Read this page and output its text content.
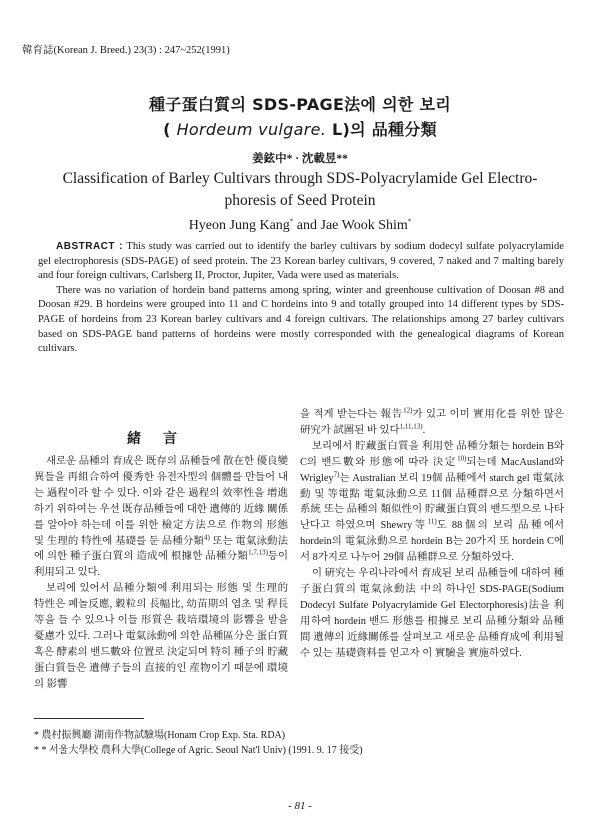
韓育誌(Korean J. Breed.) 23(3) : 247~252(1991)
種子蛋白質의 SDS-PAGE法에 의한 보리
( Hordeum vulgare. L)의 品種分類
姜鉉中* · 沈載昱**
Classification of Barley Cultivars through SDS-Polyacrylamide Gel Electro-
phoresis of Seed Protein
Hyeon Jung Kang* and Jae Wook Shim*

ABSTRACT : This study was carried out to identify the barley cultivars by sodium dodecyl sulfate polyacrylamide gel electrophoresis (SDS-PAGE) of seed protein. The 23 Korean barley cultivars, 9 covered, 7 naked and 7 malting barely and four foreign cultivars, Carlsberg II, Proctor, Jupiter, Vada were used as materials.

There was no variation of hordein band patterns among spring, winter and greenhouse cultivation of Doosan #8 and Doosan #29. B hordeins were grouped into 11 and C hordeins into 9 and totally grouped into 14 different types by SDS-PAGE of hordeins from 23 Korean barley cultivars and 4 foreign cultivars. The relationships among 27 barley cultivars based on SDS-PAGE band patterns of hordeins were mostly corresponded with the genealogical diagrams of Korean cultivars.

緒言

새로운 品種의 育成은 既存의 品種들에 散在한 優良變異들을 再組合하여 優秀한 유전자型의 個體를 만들어 내는 過程이라 할 수 있다. 이와 같은 過程의 效率性을 增進하기 위하여는 우선 既存品種들에 대한 遺傳的 近緣 關係를 알아야 하는데 이를 위한 檢定方法으로 作物의 形態 및 生理的 特性에 基礎를 둔 品種分類$^{4)}$ 또는 電氣泳動法에 의한 種子蛋白質의 造成에 根據한 品種分類$^{1,7,13)}$등이 利用되고 있다.

보리에 있어서 品種分類에 利用되는 形態 및 生理的 特性은 폐놀反應, 穀粒의 長幅比, 幼苗期의 엽초 및 稈長等을 들 수 있으나 이들 形質은 栽培環境의 影響을 받을 憂慮가 있다. 그러나 電氣泳動에 의한 品種區分은 蛋白質 혹은 酵素의 밴드數와 位置로 決定되며 特히 種子의 貯藏 蛋白質들은 遺傳子들의 直接的인 産物이기 때문에 環境의 影響

을 적게 받는다는 報告$^{12)}$가 있고 이미 實用化를 위한 많은 硏究가 試圖된 바 있다$^{1,11,13)}$.

보리에서 貯藏蛋白質을 利用한 品種分類는 hordein B와 C의 밴드數와 形態에 따라 決定$^{10)}$되는데 MacAusland와 Wrigley$^{7)}$는 Australian 보리 19個 品種에서 starch gel 電氣泳動 및 等電點 電氣泳動으로 11個 品種群으로 分類하면서 系統 또는 品種의 類似性이 貯藏蛋白質의 밴드型으로 나타난다고 하였으며 Shewry等$^{11)}$도 88個의 보리 品種에서 hordein의 電氣泳動으로 hordein B는 20가지 또 hordein C에서 8가지로 나누어 29個 品種群으로 分類하였다.

이 硏究는 우리나라에서 育成된 보리 品種들에 대하여 種子蛋白質의 電氣泳動法 中의 하나인 SDS-PAGE(Sodium Dodecyl Sulfate Polyacrylamide Gel Electorphoresis)法을 利用하여 hordein 밴드 形態를 根據로 보리 品種分類와 品種間 遺傳의 近緣關係를 살펴보고 새로운 品種育成에 利用될 수 있는 基礎資料를 얻고자 이 實驗을 實施하였다.

* 農村振興廳 湖南作物試驗場(Honam Crop Exp. Sta. RDA)
* * 서울大學校 農科大學(College of Agric. Seoul Nat'l Univ) (1991. 9. 17 接受)
- 81 -
